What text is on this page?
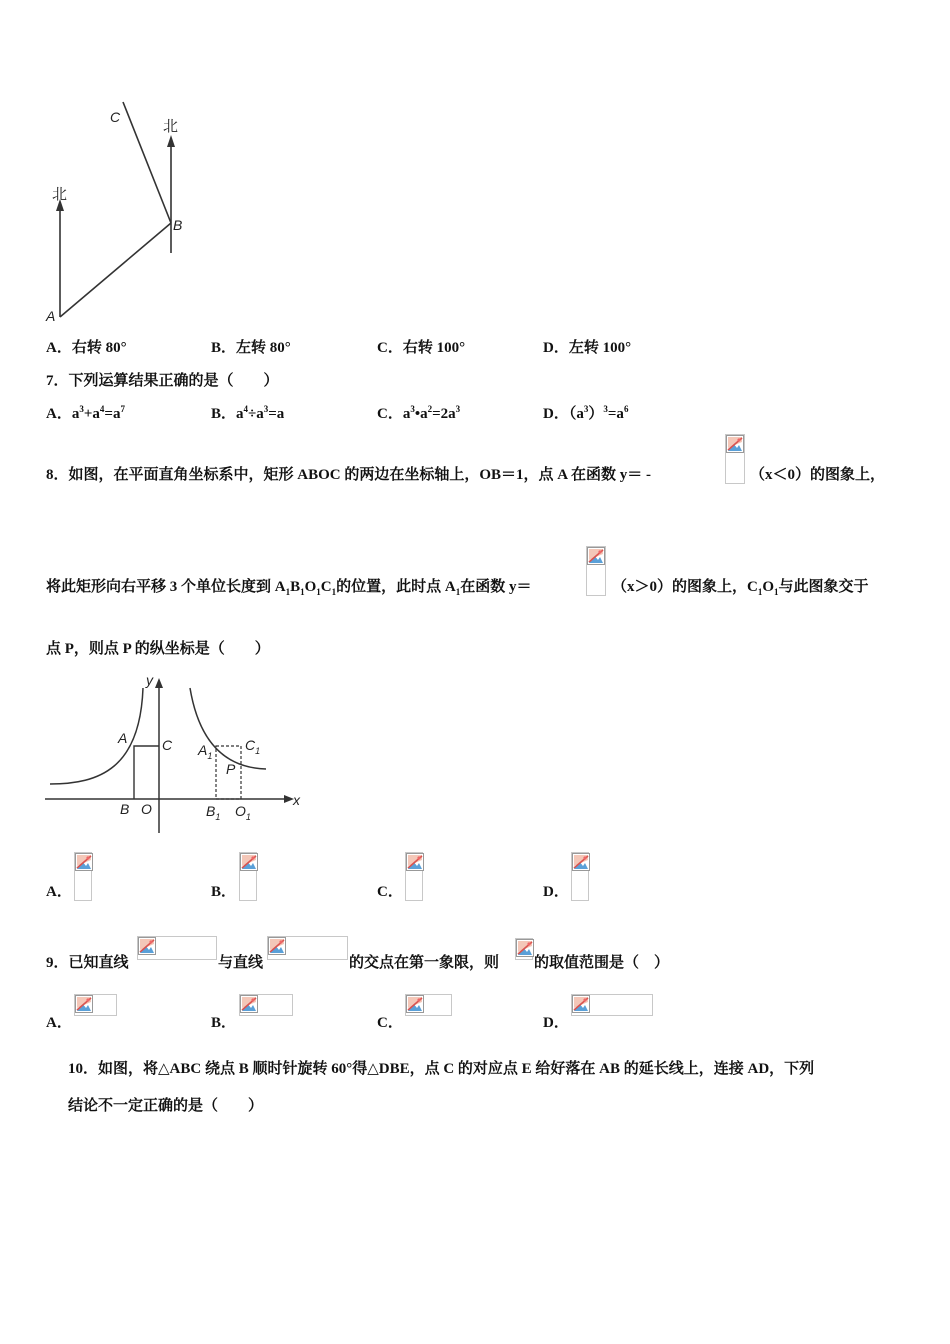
C
B
A
北
北
A．右转 80°	B．左转 80°	C．右转 100°	D．左转 100°
7．下列运算结果正确的是（　　）
A．$a^3+a^4=a^7$	B．$a^4\div a^3=a$	C．$a^3•a^2=2a^3$	D．$(a^3)^3=a^6$
8．如图，在平面直角坐标系中，矩形 ABOC 的两边在坐标轴上，OB＝1，点 A 在函数 y＝ -	（x＜0）的图象上，
将此矩形向右平移 3 个单位长度到 $A_1B_1O_1C_1$的位置，此时点 $A_1$在函数 y＝	（x＞0）的图象上，$C_1O_1$与此图象交于
点 P，则点 P 的纵坐标是（　　）
y
x
A C
B O
$A_1$
$C_1$
P
$B_1$ $O_1$
A．	B．	C．	D．
9．已知直线	与直线	的交点在第一象限，则 的取值范围是（　）
A．	B．	C．	D．
10．如图，将△ABC 绕点 B 顺时针旋转 60°得△DBE，点 C 的对应点 E 给好落在 AB 的延长线上，连接 AD，下列
结论不一定正确的是（　　）
